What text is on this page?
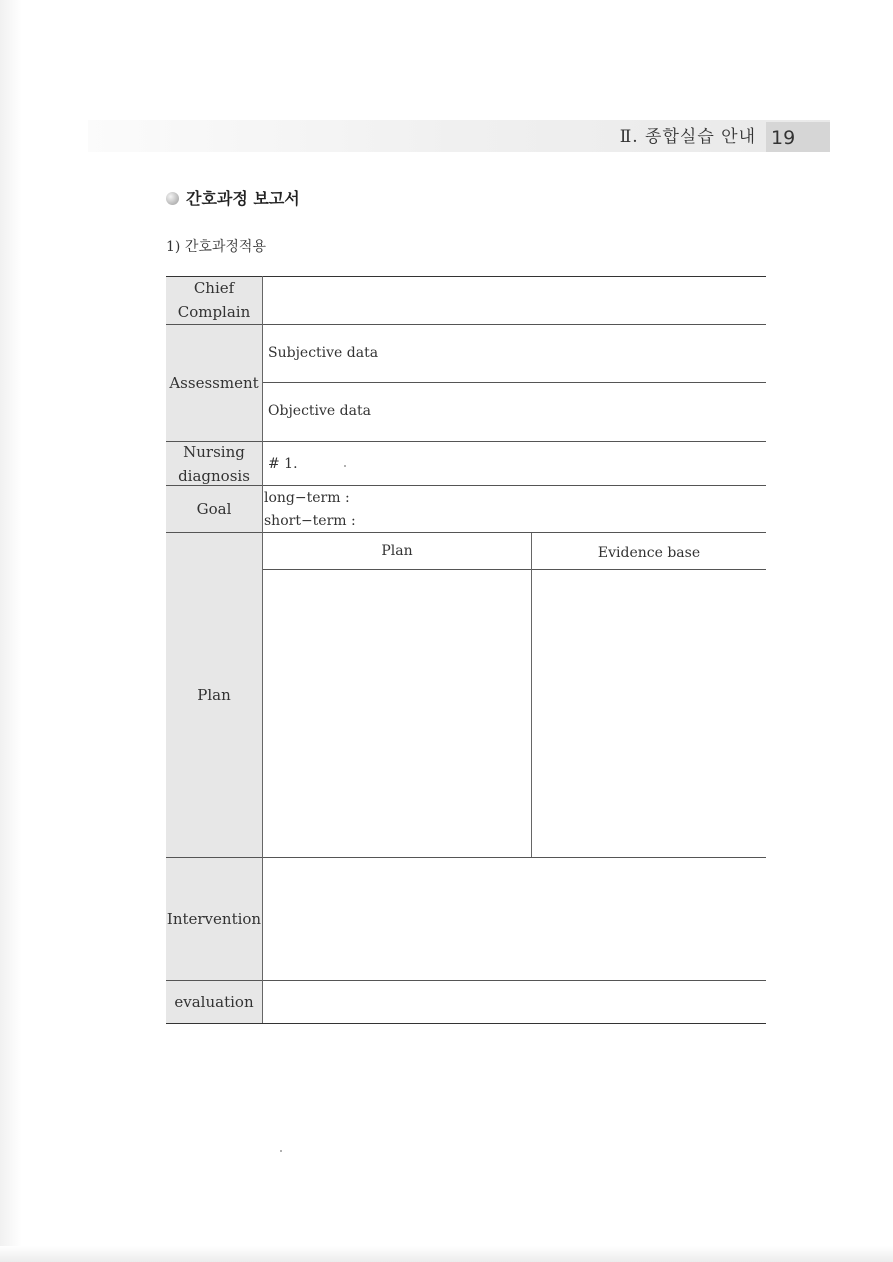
Ⅱ. 종합실습 안내 19
간호과정 보고서
1) 간호과정적용
Chief
Complain
Assessment
Nursing
diagnosis
Goal
Plan
Intervention
evaluation
Subjective data
Objective data
# 1.
long−term :
short−term :
Plan	Evidence base
